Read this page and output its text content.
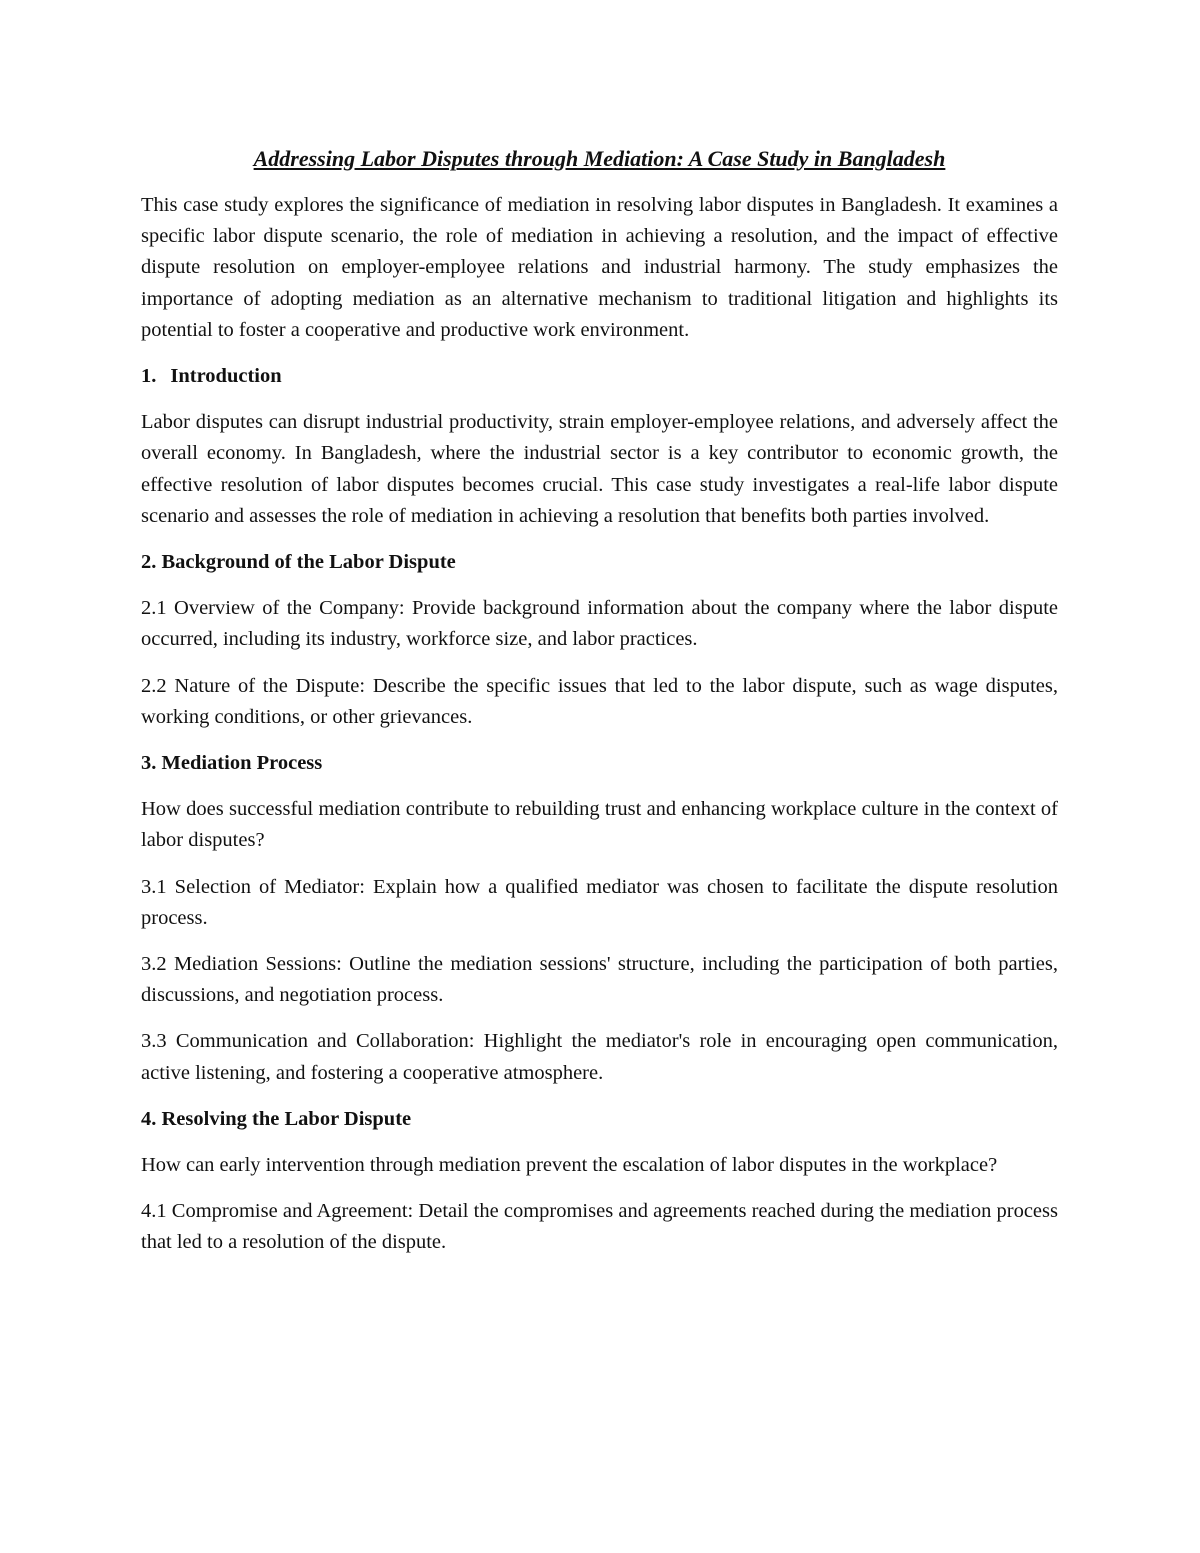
Addressing Labor Disputes through Mediation: A Case Study in Bangladesh

This case study explores the significance of mediation in resolving labor disputes in Bangladesh. It examines a specific labor dispute scenario, the role of mediation in achieving a resolution, and the impact of effective dispute resolution on employer-employee relations and industrial harmony. The study emphasizes the importance of adopting mediation as an alternative mechanism to traditional litigation and highlights its potential to foster a cooperative and productive work environment.

1. Introduction

Labor disputes can disrupt industrial productivity, strain employer-employee relations, and adversely affect the overall economy. In Bangladesh, where the industrial sector is a key contributor to economic growth, the effective resolution of labor disputes becomes crucial. This case study investigates a real-life labor dispute scenario and assesses the role of mediation in achieving a resolution that benefits both parties involved.

2. Background of the Labor Dispute

2.1 Overview of the Company: Provide background information about the company where the labor dispute occurred, including its industry, workforce size, and labor practices.

2.2 Nature of the Dispute: Describe the specific issues that led to the labor dispute, such as wage disputes, working conditions, or other grievances.

3. Mediation Process

How does successful mediation contribute to rebuilding trust and enhancing workplace culture in the context of labor disputes?

3.1 Selection of Mediator: Explain how a qualified mediator was chosen to facilitate the dispute resolution process.

3.2 Mediation Sessions: Outline the mediation sessions' structure, including the participation of both parties, discussions, and negotiation process.

3.3 Communication and Collaboration: Highlight the mediator's role in encouraging open communication, active listening, and fostering a cooperative atmosphere.

4. Resolving the Labor Dispute

How can early intervention through mediation prevent the escalation of labor disputes in the workplace?

4.1 Compromise and Agreement: Detail the compromises and agreements reached during the mediation process that led to a resolution of the dispute.
